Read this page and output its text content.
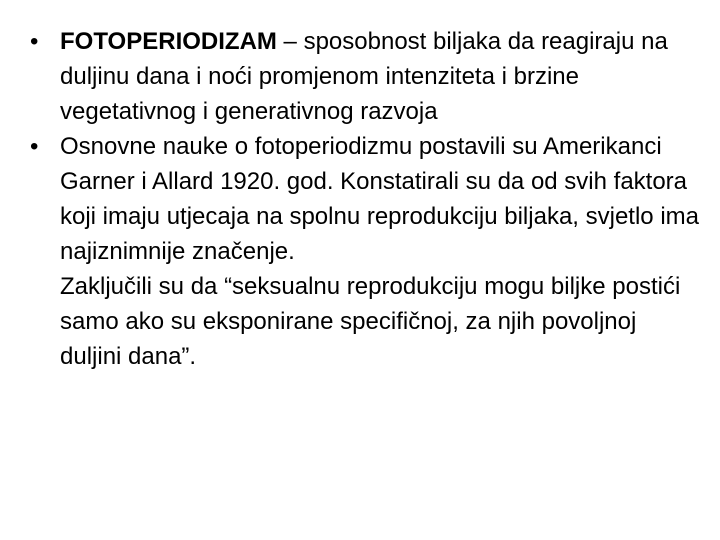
• FOTOPERIODIZAM – sposobnost biljaka da reagiraju na duljinu dana i noći promjenom intenziteta i brzine vegetativnog i generativnog razvoja
• Osnovne nauke o fotoperiodizmu postavili su Amerikanci Garner i Allard 1920. god. Konstatirali su da od svih faktora koji imaju utjecaja na spolnu reprodukciju biljaka, svjetlo ima najiznimnije značenje.
Zaključili su da “seksualnu reprodukciju mogu biljke postići samo ako su eksponirane specifičnoj, za njih povoljnoj duljini dana”.
